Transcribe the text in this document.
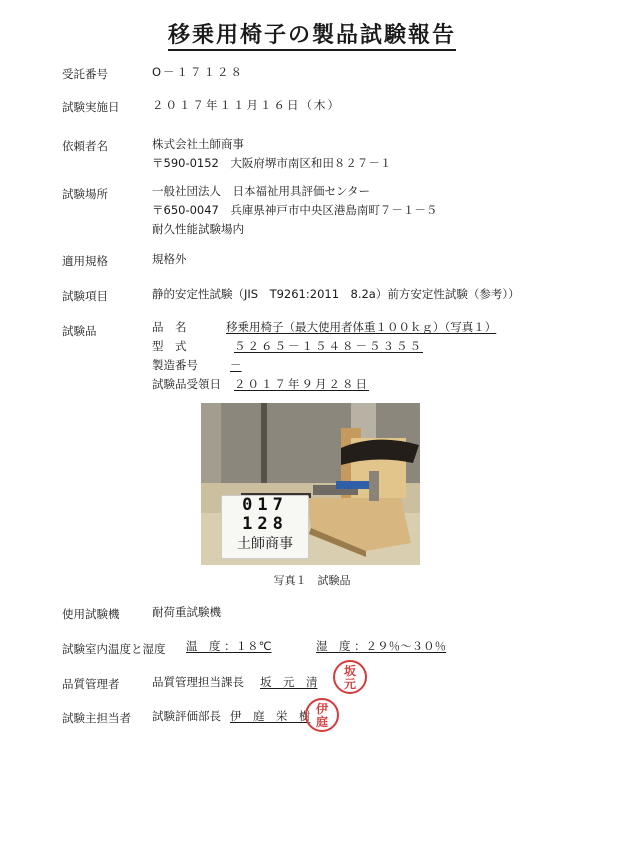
移乗用椅子の製品試験報告
受託番号	O－１７１２８
試験実施日	２０１７年１１月１６日（木）
依頼者名	株式会社土師商事
〒590-0152　大阪府堺市南区和田８２７－１
試験場所	一般社団法人　日本福祉用具評価センター
〒650-0047　兵庫県神戸市中央区港島南町７－１－５
耐久性能試験場内
適用規格	規格外
試験項目	静的安定性試験（JIS　T9261:2011　8.2a）前方安定性試験（参考））
試験品	品　名	移乗用椅子（最大使用者体重１００ｋｇ）（写真１）
型　式	５２６５－１５４８－５３５５
製造番号	－
試験品受領日 ２０１７年９月２８日
017
128
土師商事
写真１　試験品
使用試験機	耐荷重試験機
試験室内温度と湿度 温　度 ：１８℃	湿　度 ：２９％～３０％
品質管理者	品質管理担当課長 坂　元　清
坂元
試験主担当者 試験評価部長 伊　庭　栄　樹 伊庭
